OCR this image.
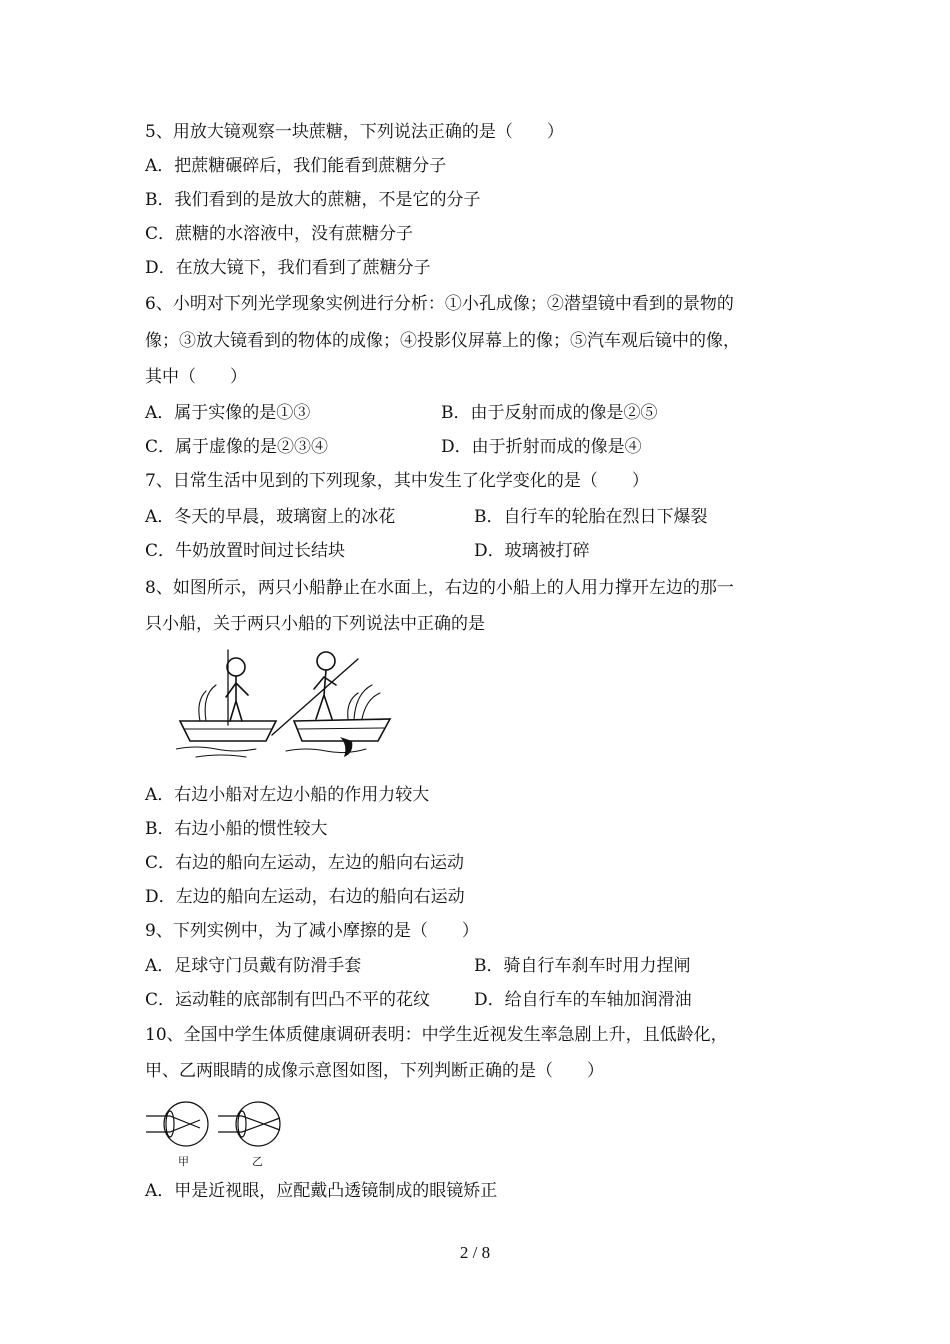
5、用放大镜观察一块蔗糖，下列说法正确的是（　　）
A．把蔗糖碾碎后，我们能看到蔗糖分子
B．我们看到的是放大的蔗糖，不是它的分子
C．蔗糖的水溶液中，没有蔗糖分子
D．在放大镜下，我们看到了蔗糖分子
6、小明对下列光学现象实例进行分析：①小孔成像；②潜望镜中看到的景物的
像；③放大镜看到的物体的成像；④投影仪屏幕上的像；⑤汽车观后镜中的像，
其中（　　）
A．属于实像的是①③	B．由于反射而成的像是②⑤
C．属于虚像的是②③④	D．由于折射而成的像是④
7、日常生活中见到的下列现象，其中发生了化学变化的是（　　）
A．冬天的早晨，玻璃窗上的冰花	B．自行车的轮胎在烈日下爆裂
C．牛奶放置时间过长结块	D．玻璃被打碎
8、如图所示，两只小船静止在水面上，右边的小船上的人用力撑开左边的那一
只小船，关于两只小船的下列说法中正确的是
A．右边小船对左边小船的作用力较大
B．右边小船的惯性较大
C．右边的船向左运动，左边的船向右运动
D．左边的船向左运动，右边的船向右运动
9、下列实例中，为了减小摩擦的是（　　）
A．足球守门员戴有防滑手套	B．骑自行车刹车时用力捏闸
C．运动鞋的底部制有凹凸不平的花纹	D．给自行车的车轴加润滑油
10、全国中学生体质健康调研表明：中学生近视发生率急剧上升，且低龄化，
甲、乙两眼睛的成像示意图如图，下列判断正确的是（　　）
甲	乙
A．甲是近视眼，应配戴凸透镜制成的眼镜矫正
2 / 8
